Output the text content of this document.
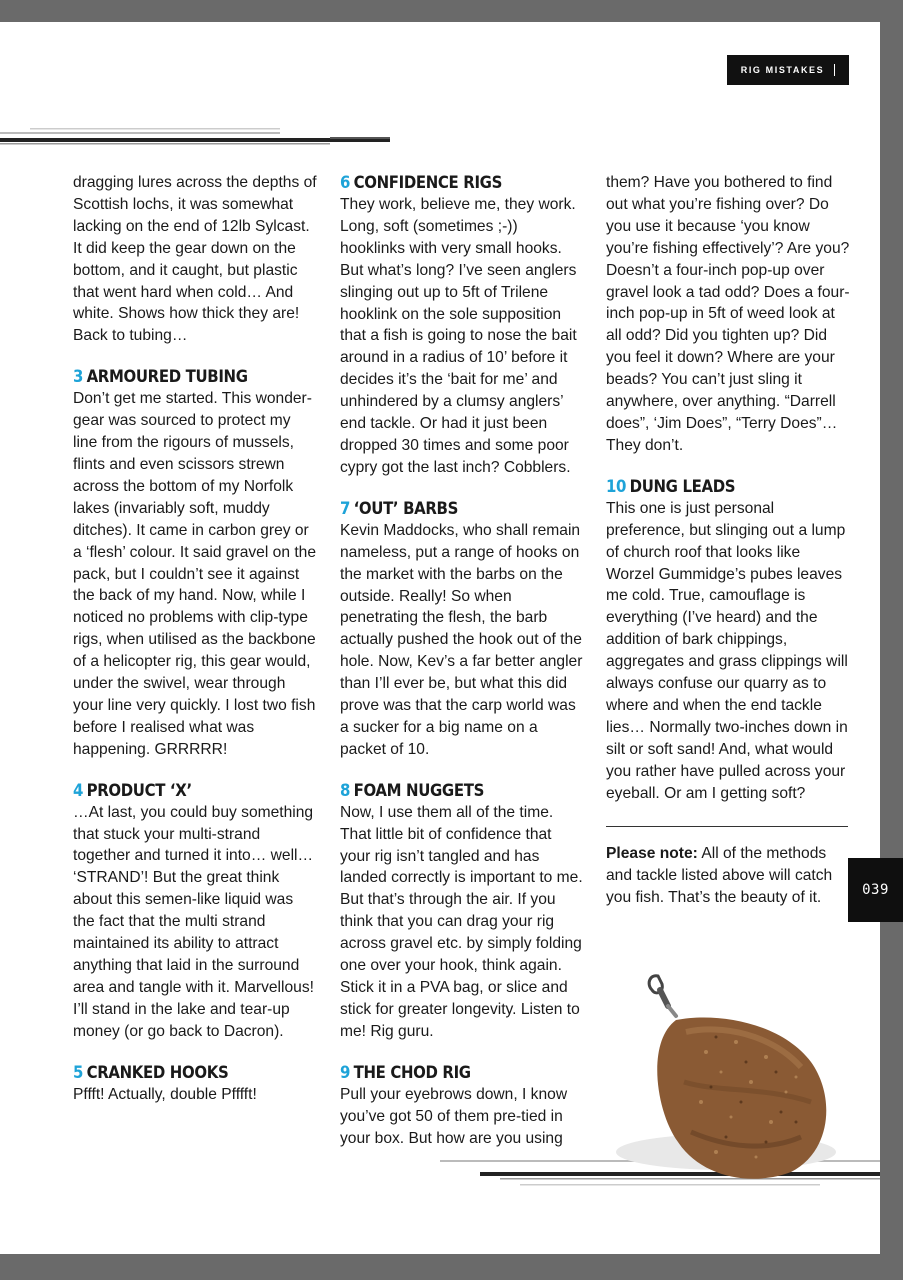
RIG MISTAKES

dragging lures across the depths of Scottish lochs, it was somewhat lacking on the end of 12lb Sylcast. It did keep the gear down on the bottom, and it caught, but plastic that went hard when cold… And white. Shows how thick they are! Back to tubing…

3 ARMOURED TUBING

Don’t get me started. This wonder-gear was sourced to protect my line from the rigours of mussels, flints and even scissors strewn across the bottom of my Norfolk lakes (invariably soft, muddy ditches). It came in carbon grey or a ‘flesh’ colour. It said gravel on the pack, but I couldn’t see it against the back of my hand. Now, while I noticed no problems with clip-type rigs, when utilised as the backbone of a helicopter rig, this gear would, under the swivel, wear through your line very quickly. I lost two fish before I realised what was happening. GRRRRR!

4 PRODUCT ‘X’

…At last, you could buy something that stuck your multi-strand together and turned it into… well… ‘STRAND’! But the great think about this semen-like liquid was the fact that the multi strand maintained its ability to attract anything that laid in the surround area and tangle with it. Marvellous! I’ll stand in the lake and tear-up money (or go back to Dacron).

5 CRANKED HOOKS

Pffft! Actually, double Pfffft!

6 CONFIDENCE RIGS

They work, believe me, they work. Long, soft (sometimes ;-)) hooklinks with very small hooks. But what’s long? I’ve seen anglers slinging out up to 5ft of Trilene hooklink on the sole supposition that a fish is going to nose the bait around in a radius of 10’ before it decides it’s the ‘bait for me’ and unhindered by a clumsy anglers’ end tackle. Or had it just been dropped 30 times and some poor cypry got the last inch? Cobblers.

7 ‘OUT’ BARBS

Kevin Maddocks, who shall remain nameless, put a range of hooks on the market with the barbs on the outside. Really! So when penetrating the flesh, the barb actually pushed the hook out of the hole. Now, Kev’s a far better angler than I’ll ever be, but what this did prove was that the carp world was a sucker for a big name on a packet of 10.

8 FOAM NUGGETS

Now, I use them all of the time. That little bit of confidence that your rig isn’t tangled and has landed correctly is important to me. But that’s through the air. If you think that you can drag your rig across gravel etc. by simply folding one over your hook, think again. Stick it in a PVA bag, or slice and stick for greater longevity. Listen to me! Rig guru.

9 THE CHOD RIG

Pull your eyebrows down, I know you’ve got 50 of them pre-tied in your box. But how are you using

them? Have you bothered to find out what you’re fishing over? Do you use it because ‘you know you’re fishing effectively’? Are you? Doesn’t a four-inch pop-up over gravel look a tad odd? Does a four-inch pop-up in 5ft of weed look at all odd? Did you tighten up? Did you feel it down? Where are your beads? You can’t just sling it anywhere, over anything. “Darrell does”, ‘Jim Does”, “Terry Does”… They don’t.

10 DUNG LEADS

This one is just personal preference, but slinging out a lump of church roof that looks like Worzel Gummidge’s pubes leaves me cold. True, camouflage is everything (I’ve heard) and the addition of bark chippings, aggregates and grass clippings will always confuse our quarry as to where and when the end tackle lies… Normally two-inches down in silt or soft sand! And, what would you rather have pulled across your eyeball. Or am I getting soft?

Please note: All of the methods and tackle listed above will catch you fish. That’s the beauty of it.	039
